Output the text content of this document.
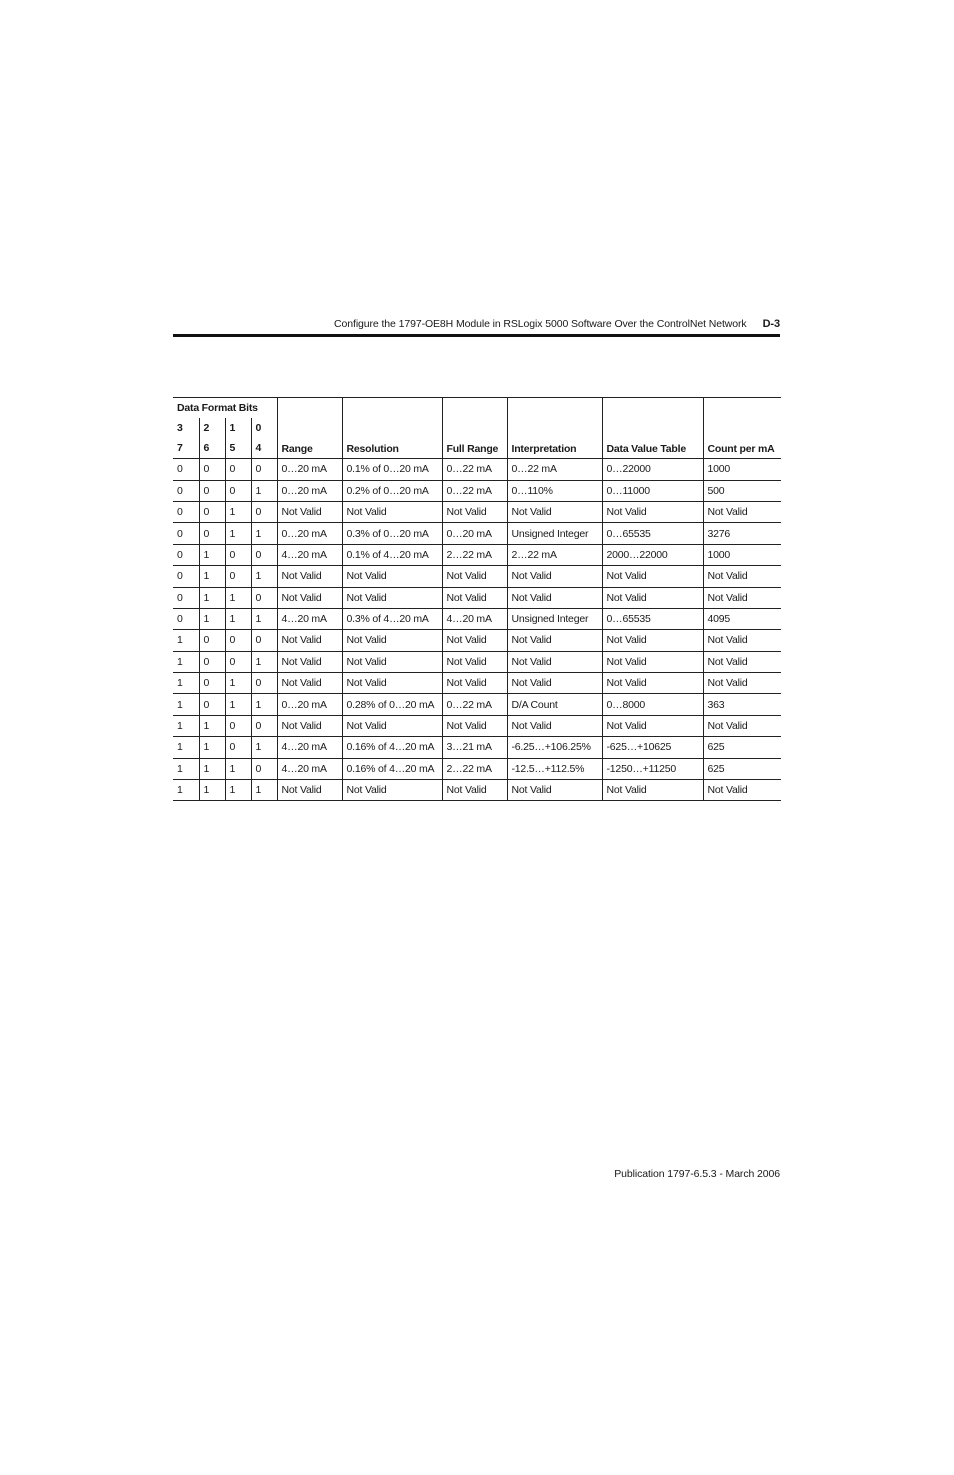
Configure the 1797-OE8H Module in RSLogix 5000 Software Over the ControlNet Network D-3
Data Format Bits				Range	Resolution	Full Range	Interpretation	Data Value Table	Count per mA
3	2	1	0						
7	6	5	4						
0	0	0	0	0…20 mA	0.1% of 0…20 mA	0…22 mA	0…22 mA	0…22000	1000
0	0	0	1	0…20 mA	0.2% of 0…20 mA	0…22 mA	0…110%	0…11000	500
0	0	1	0	Not Valid	Not Valid	Not Valid	Not Valid	Not Valid	Not Valid
0	0	1	1	0…20 mA	0.3% of 0…20 mA	0…20 mA	Unsigned Integer	0…65535	3276
0	1	0	0	4…20 mA	0.1% of 4…20 mA	2…22 mA	2…22 mA	2000…22000	1000
0	1	0	1	Not Valid	Not Valid	Not Valid	Not Valid	Not Valid	Not Valid
0	1	1	0	Not Valid	Not Valid	Not Valid	Not Valid	Not Valid	Not Valid
0	1	1	1	4…20 mA	0.3% of 4…20 mA	4…20 mA	Unsigned Integer	0…65535	4095
1	0	0	0	Not Valid	Not Valid	Not Valid	Not Valid	Not Valid	Not Valid
1	0	0	1	Not Valid	Not Valid	Not Valid	Not Valid	Not Valid	Not Valid
1	0	1	0	Not Valid	Not Valid	Not Valid	Not Valid	Not Valid	Not Valid
1	0	1	1	0…20 mA	0.28% of 0…20 mA	0…22 mA	D/A Count	0…8000	363
1	1	0	0	Not Valid	Not Valid	Not Valid	Not Valid	Not Valid	Not Valid
1	1	0	1	4…20 mA	0.16% of 4…20 mA	3…21 mA	-6.25…+106.25%	-625…+10625	625
1	1	1	0	4…20 mA	0.16% of 4…20 mA	2…22 mA	-12.5…+112.5%	-1250…+11250	625
1	1	1	1	Not Valid	Not Valid	Not Valid	Not Valid	Not Valid	Not Valid
Publication 1797-6.5.3 - March 2006
